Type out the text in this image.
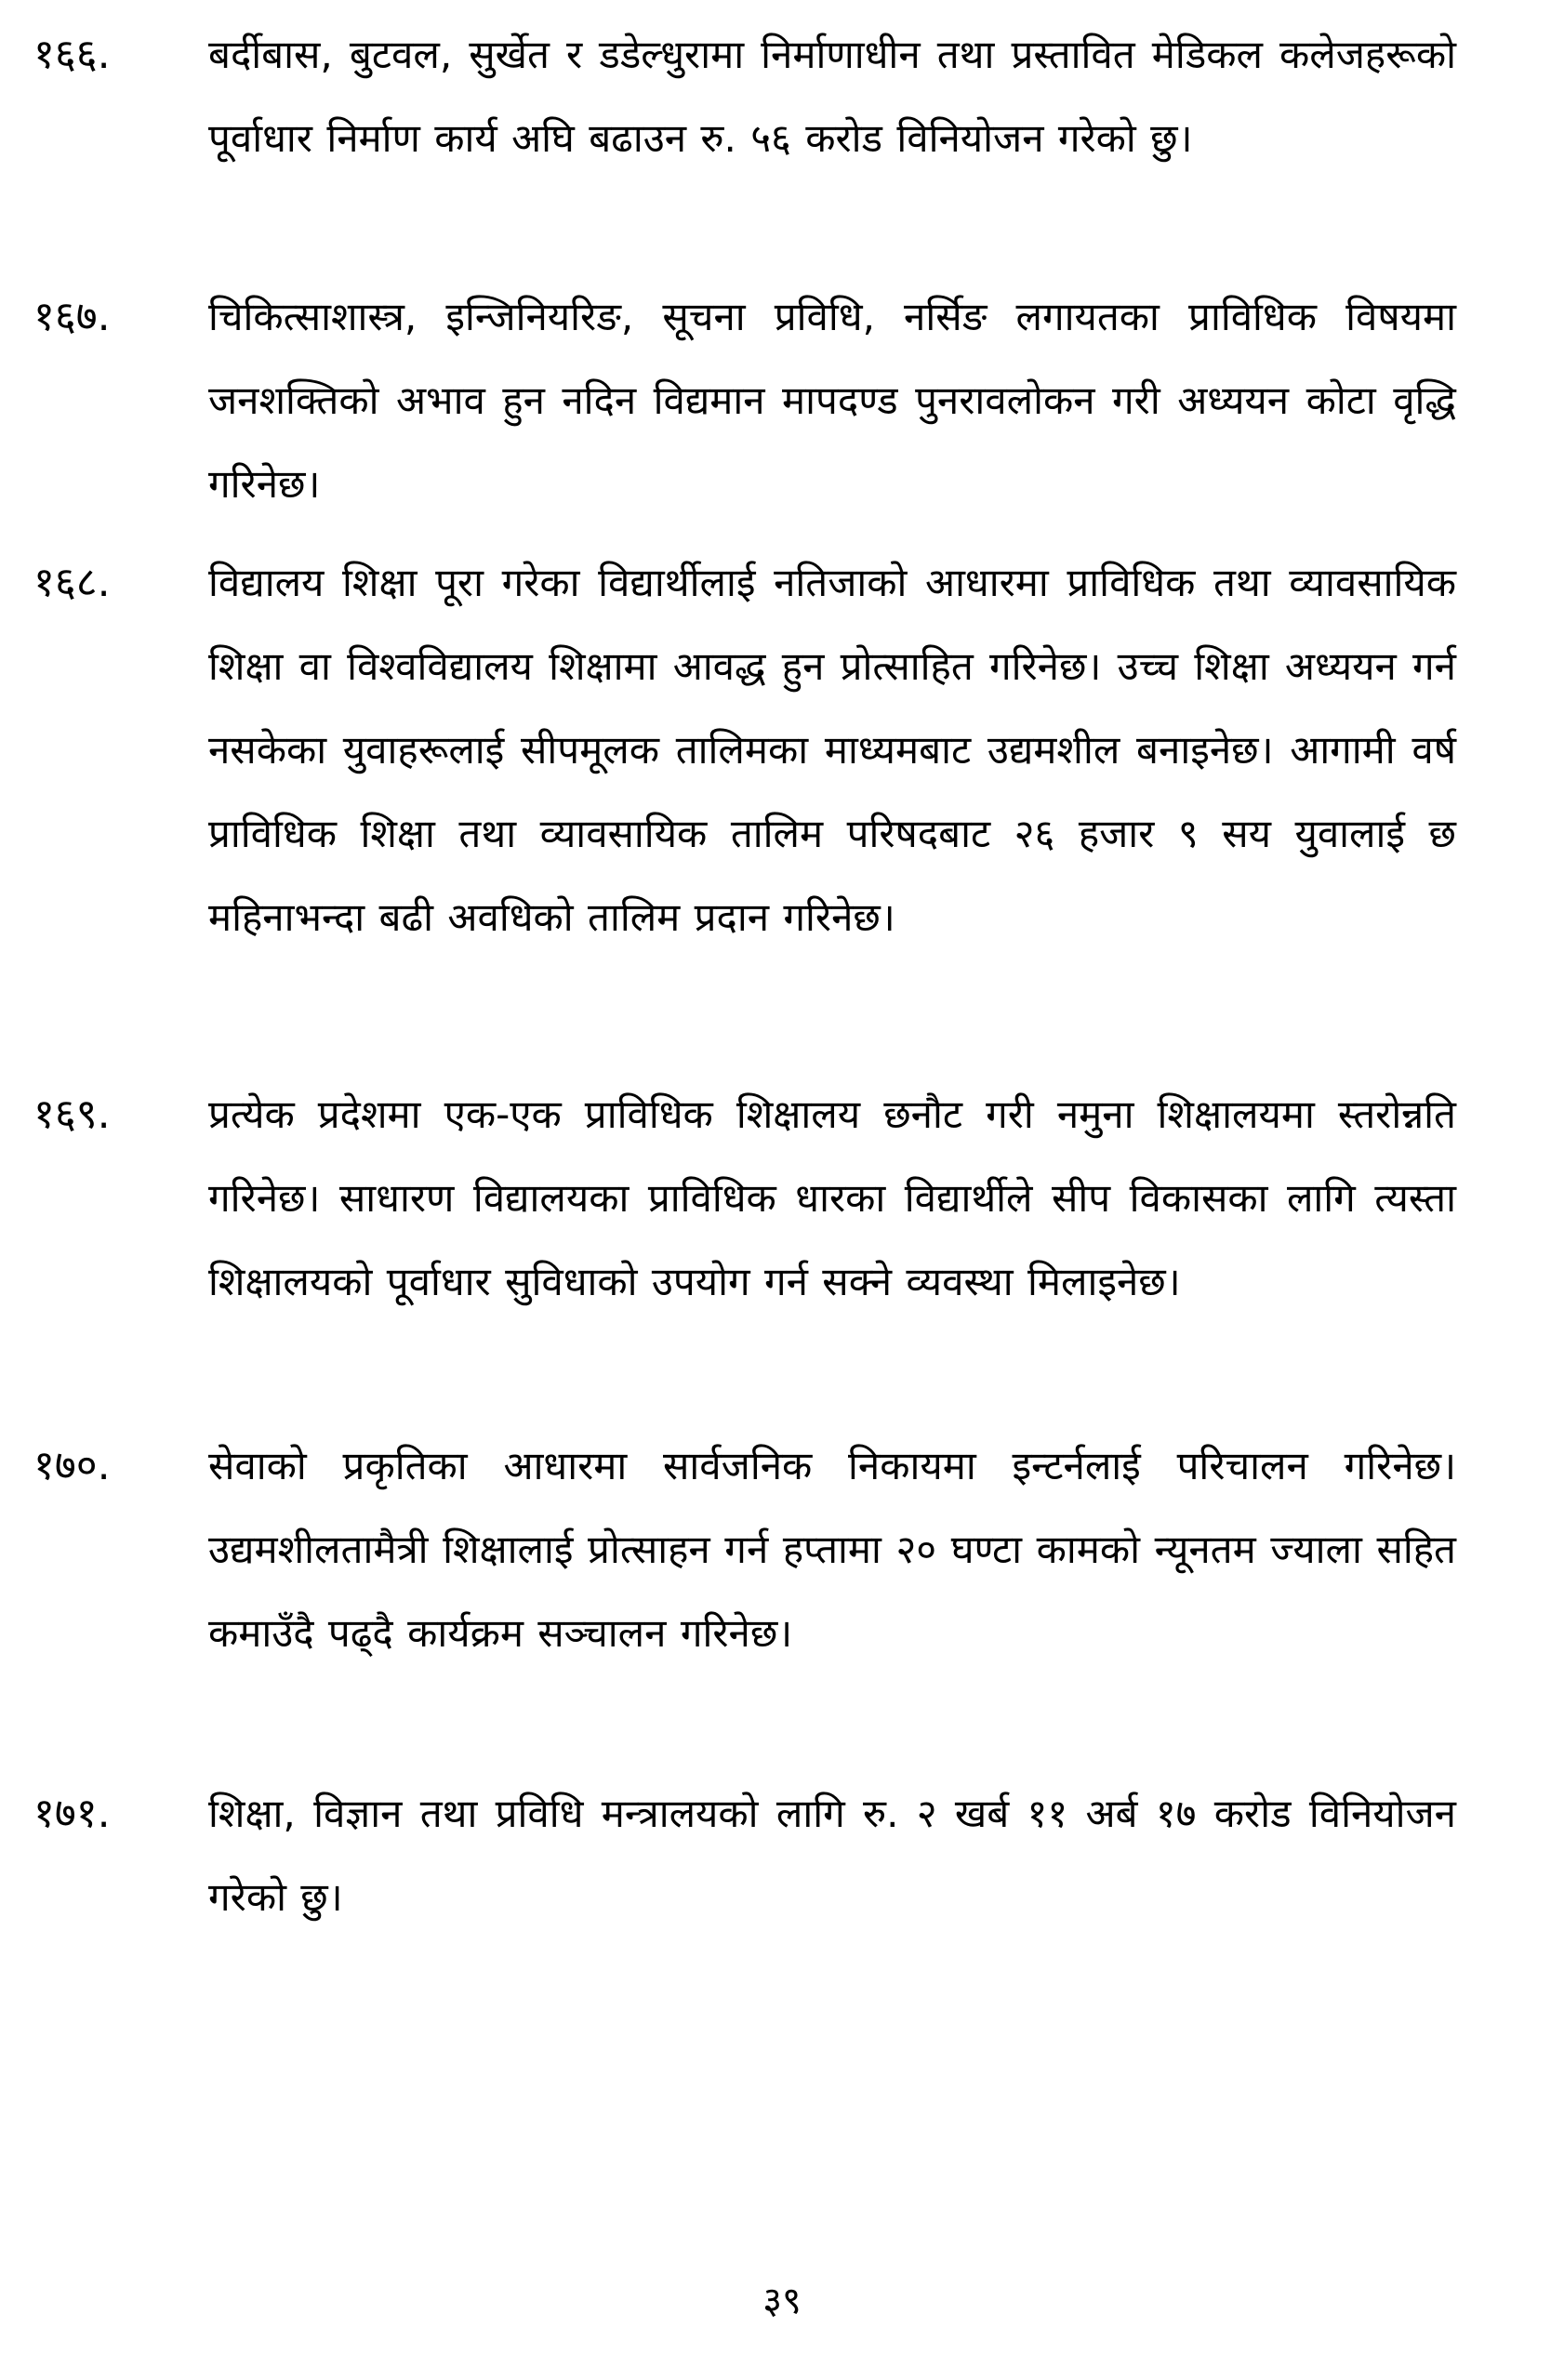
१६६.	बर्दीबास, बुटवल, सुर्खेत र डडेल्धुरामा निर्माणाधीन तथा प्रस्तावित मेडिकल कलेजहरूको पूर्वाधार निर्माण कार्य अघि बढाउन रु. ५६ करोड विनियोजन गरेको छु।
१६७.	चिकित्साशास्त्र, इन्जिनियरिङ, सूचना प्रविधि, नर्सिङ लगायतका प्राविधिक विषयमा जनशक्तिको अभाव हुन नदिन विद्यमान मापदण्ड पुनरावलोकन गरी अध्ययन कोटा वृद्धि गरिनेछ।
१६८.	विद्यालय शिक्षा पूरा गरेका विद्यार्थीलाई नतिजाको आधारमा प्राविधिक तथा व्यावसायिक शिक्षा वा विश्वविद्यालय शिक्षामा आवद्ध हुन प्रोत्साहित गरिनेछ। उच्च शिक्षा अध्ययन गर्न नसकेका युवाहरूलाई सीपमूलक तालिमका माध्यमबाट उद्यमशील बनाइनेछ। आगामी वर्ष प्राविधिक शिक्षा तथा व्यावसायिक तालिम परिषदबाट २६ हजार ९ सय युवालाई छ महिनाभन्दा बढी अवधिको तालिम प्रदान गरिनेछ।
१६९.	प्रत्येक प्रदेशमा एक-एक प्राविधिक शिक्षालय छनौट गरी नमुना शिक्षालयमा स्तरोन्नति गरिनेछ। साधारण विद्यालयका प्राविधिक धारका विद्यार्थीले सीप विकासका लागि त्यस्ता शिक्षालयको पूर्वाधार सुविधाको उपयोग गर्न सक्ने व्यवस्था मिलाइनेछ।
१७०.	सेवाको प्रकृतिका आधारमा सार्वजनिक निकायमा इन्टर्नलाई परिचालन गरिनेछ। उद्यमशीलतामैत्री शिक्षालाई प्रोत्साहन गर्न हप्तामा २० घण्टा कामको न्यूनतम ज्याला सहित कमाउँदै पढ्दै कार्यक्रम सञ्चालन गरिनेछ।
१७१.	शिक्षा, विज्ञान तथा प्रविधि मन्त्रालयको लागि रु. २ खर्ब ११ अर्ब १७ करोड विनियोजन गरेको छु।
३९
